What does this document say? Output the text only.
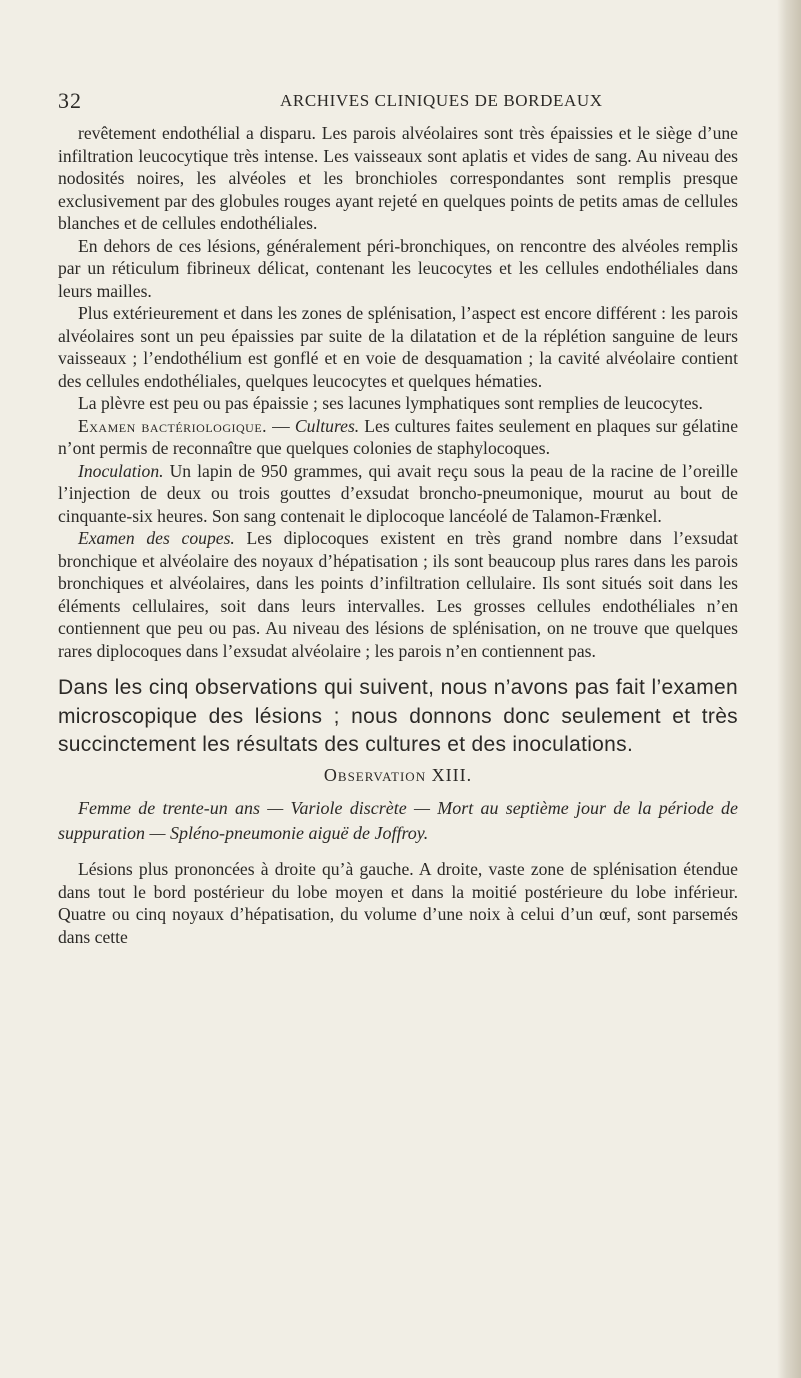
32	ARCHIVES CLINIQUES DE BORDEAUX

revêtement endothélial a disparu. Les parois alvéolaires sont très épaissies et le siège d’une infiltration leucocytique très intense. Les vaisseaux sont aplatis et vides de sang. Au niveau des nodosités noires, les alvéoles et les bronchioles correspondantes sont remplis presque exclusivement par des globules rouges ayant rejeté en quelques points de petits amas de cellules blanches et de cellules endothéliales.

En dehors de ces lésions, généralement péri-bronchiques, on rencontre des alvéoles remplis par un réticulum fibrineux délicat, contenant les leucocytes et les cellules endothéliales dans leurs mailles.

Plus extérieurement et dans les zones de splénisation, l’aspect est encore différent : les parois alvéolaires sont un peu épaissies par suite de la dilatation et de la réplétion sanguine de leurs vaisseaux ; l’endothélium est gonflé et en voie de desquamation ; la cavité alvéolaire contient des cellules endothéliales, quelques leucocytes et quelques hématies.

La plèvre est peu ou pas épaissie ; ses lacunes lymphatiques sont remplies de leucocytes.

Examen bactériologique. — Cultures. Les cultures faites seulement en plaques sur gélatine n’ont permis de reconnaître que quelques colonies de staphylocoques.

Inoculation. Un lapin de 950 grammes, qui avait reçu sous la peau de la racine de l’oreille l’injection de deux ou trois gouttes d’exsudat broncho-pneumonique, mourut au bout de cinquante-six heures. Son sang contenait le diplocoque lancéolé de Talamon-Frænkel.

Examen des coupes. Les diplocoques existent en très grand nombre dans l’exsudat bronchique et alvéolaire des noyaux d’hépatisation ; ils sont beaucoup plus rares dans les parois bronchiques et alvéolaires, dans les points d’infiltration cellulaire. Ils sont situés soit dans les éléments cellulaires, soit dans leurs intervalles. Les grosses cellules endothéliales n’en contiennent que peu ou pas. Au niveau des lésions de splénisation, on ne trouve que quelques rares diplocoques dans l’exsudat alvéolaire ; les parois n’en contiennent pas.

Dans les cinq observations qui suivent, nous n’avons pas fait l’examen microscopique des lésions ; nous donnons donc seulement et très succinctement les résultats des cultures et des inoculations.

Observation XIII.

Femme de trente-un ans — Variole discrète — Mort au septième jour de la période de suppuration — Spléno-pneumonie aiguë de Joffroy.

Lésions plus prononcées à droite qu’à gauche. A droite, vaste zone de splénisation étendue dans tout le bord postérieur du lobe moyen et dans la moitié postérieure du lobe inférieur. Quatre ou cinq noyaux d’hépatisation, du volume d’une noix à celui d’un œuf, sont parsemés dans cette
